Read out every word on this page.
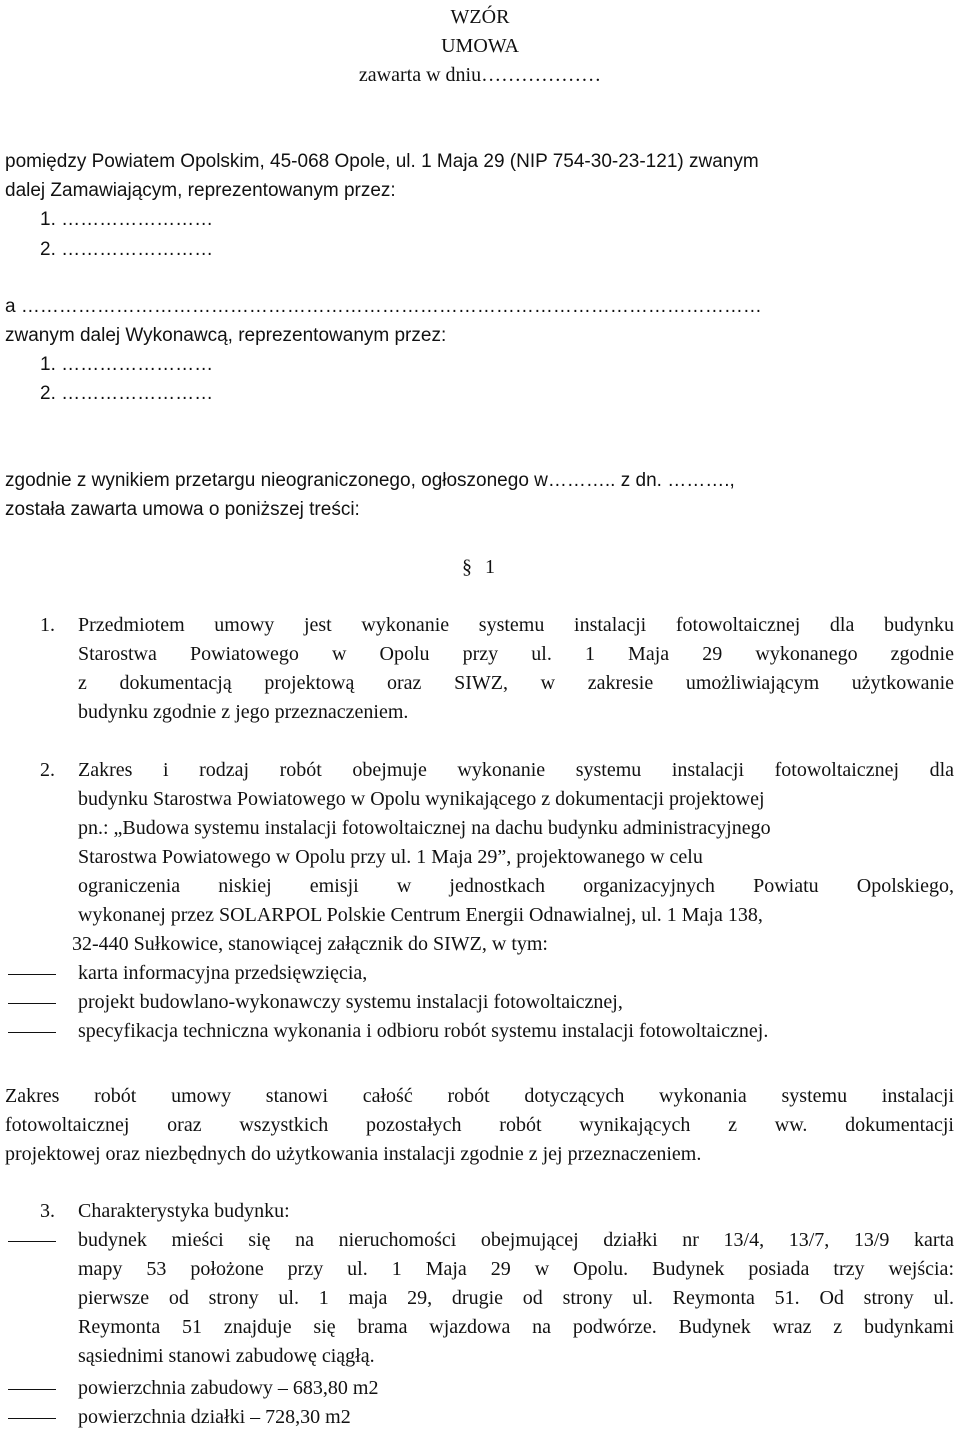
WZÓR
UMOWA
zawarta w dniu………………
pomiędzy Powiatem Opolskim, 45-068 Opole, ul. 1 Maja 29 (NIP 754-30-23-121) zwanym
dalej Zamawiającym, reprezentowanym przez:
1. ……………………
2. ……………………
a ………………………………………………………………………………………………………
zwanym dalej Wykonawcą, reprezentowanym przez:
1. ……………………
2. ……………………
zgodnie z wynikiem przetargu nieograniczonego, ogłoszonego w……….. z dn. ……….,
została zawarta umowa o poniższej treści:
§ 1
1. Przedmiotem umowy jest wykonanie systemu instalacji fotowoltaicznej dla budynku
Starostwa Powiatowego w Opolu przy ul. 1 Maja 29 wykonanego zgodnie
z dokumentacją projektową oraz SIWZ, w zakresie umożliwiającym użytkowanie
budynku zgodnie z jego przeznaczeniem.
2. Zakres i rodzaj robót obejmuje wykonanie systemu instalacji fotowoltaicznej dla
budynku Starostwa Powiatowego w Opolu wynikającego z dokumentacji projektowej
pn.: „Budowa systemu instalacji fotowoltaicznej na dachu budynku administracyjnego
Starostwa Powiatowego w Opolu przy ul. 1 Maja 29”, projektowanego w celu
ograniczenia niskiej emisji w jednostkach organizacyjnych Powiatu Opolskiego,
wykonanej przez SOLARPOL Polskie Centrum Energii Odnawialnej, ul. 1 Maja 138,
32-440 Sułkowice, stanowiącej załącznik do SIWZ, w tym:
karta informacyjna przedsięwzięcia,
projekt budowlano-wykonawczy systemu instalacji fotowoltaicznej,
specyfikacja techniczna wykonania i odbioru robót systemu instalacji fotowoltaicznej.
Zakres robót umowy stanowi całość robót dotyczących wykonania systemu instalacji
fotowoltaicznej oraz wszystkich pozostałych robót wynikających z ww. dokumentacji
projektowej oraz niezbędnych do użytkowania instalacji zgodnie z jej przeznaczeniem.
3. Charakterystyka budynku:
budynek mieści się na nieruchomości obejmującej działki nr 13/4, 13/7, 13/9 karta
mapy 53 położone przy ul. 1 Maja 29 w Opolu. Budynek posiada trzy wejścia:
pierwsze od strony ul. 1 maja 29, drugie od strony ul. Reymonta 51. Od strony ul.
Reymonta 51 znajduje się brama wjazdowa na podwórze. Budynek wraz z budynkami
sąsiednimi stanowi zabudowę ciągłą.
powierzchnia zabudowy – 683,80 m2
powierzchnia działki – 728,30 m2
